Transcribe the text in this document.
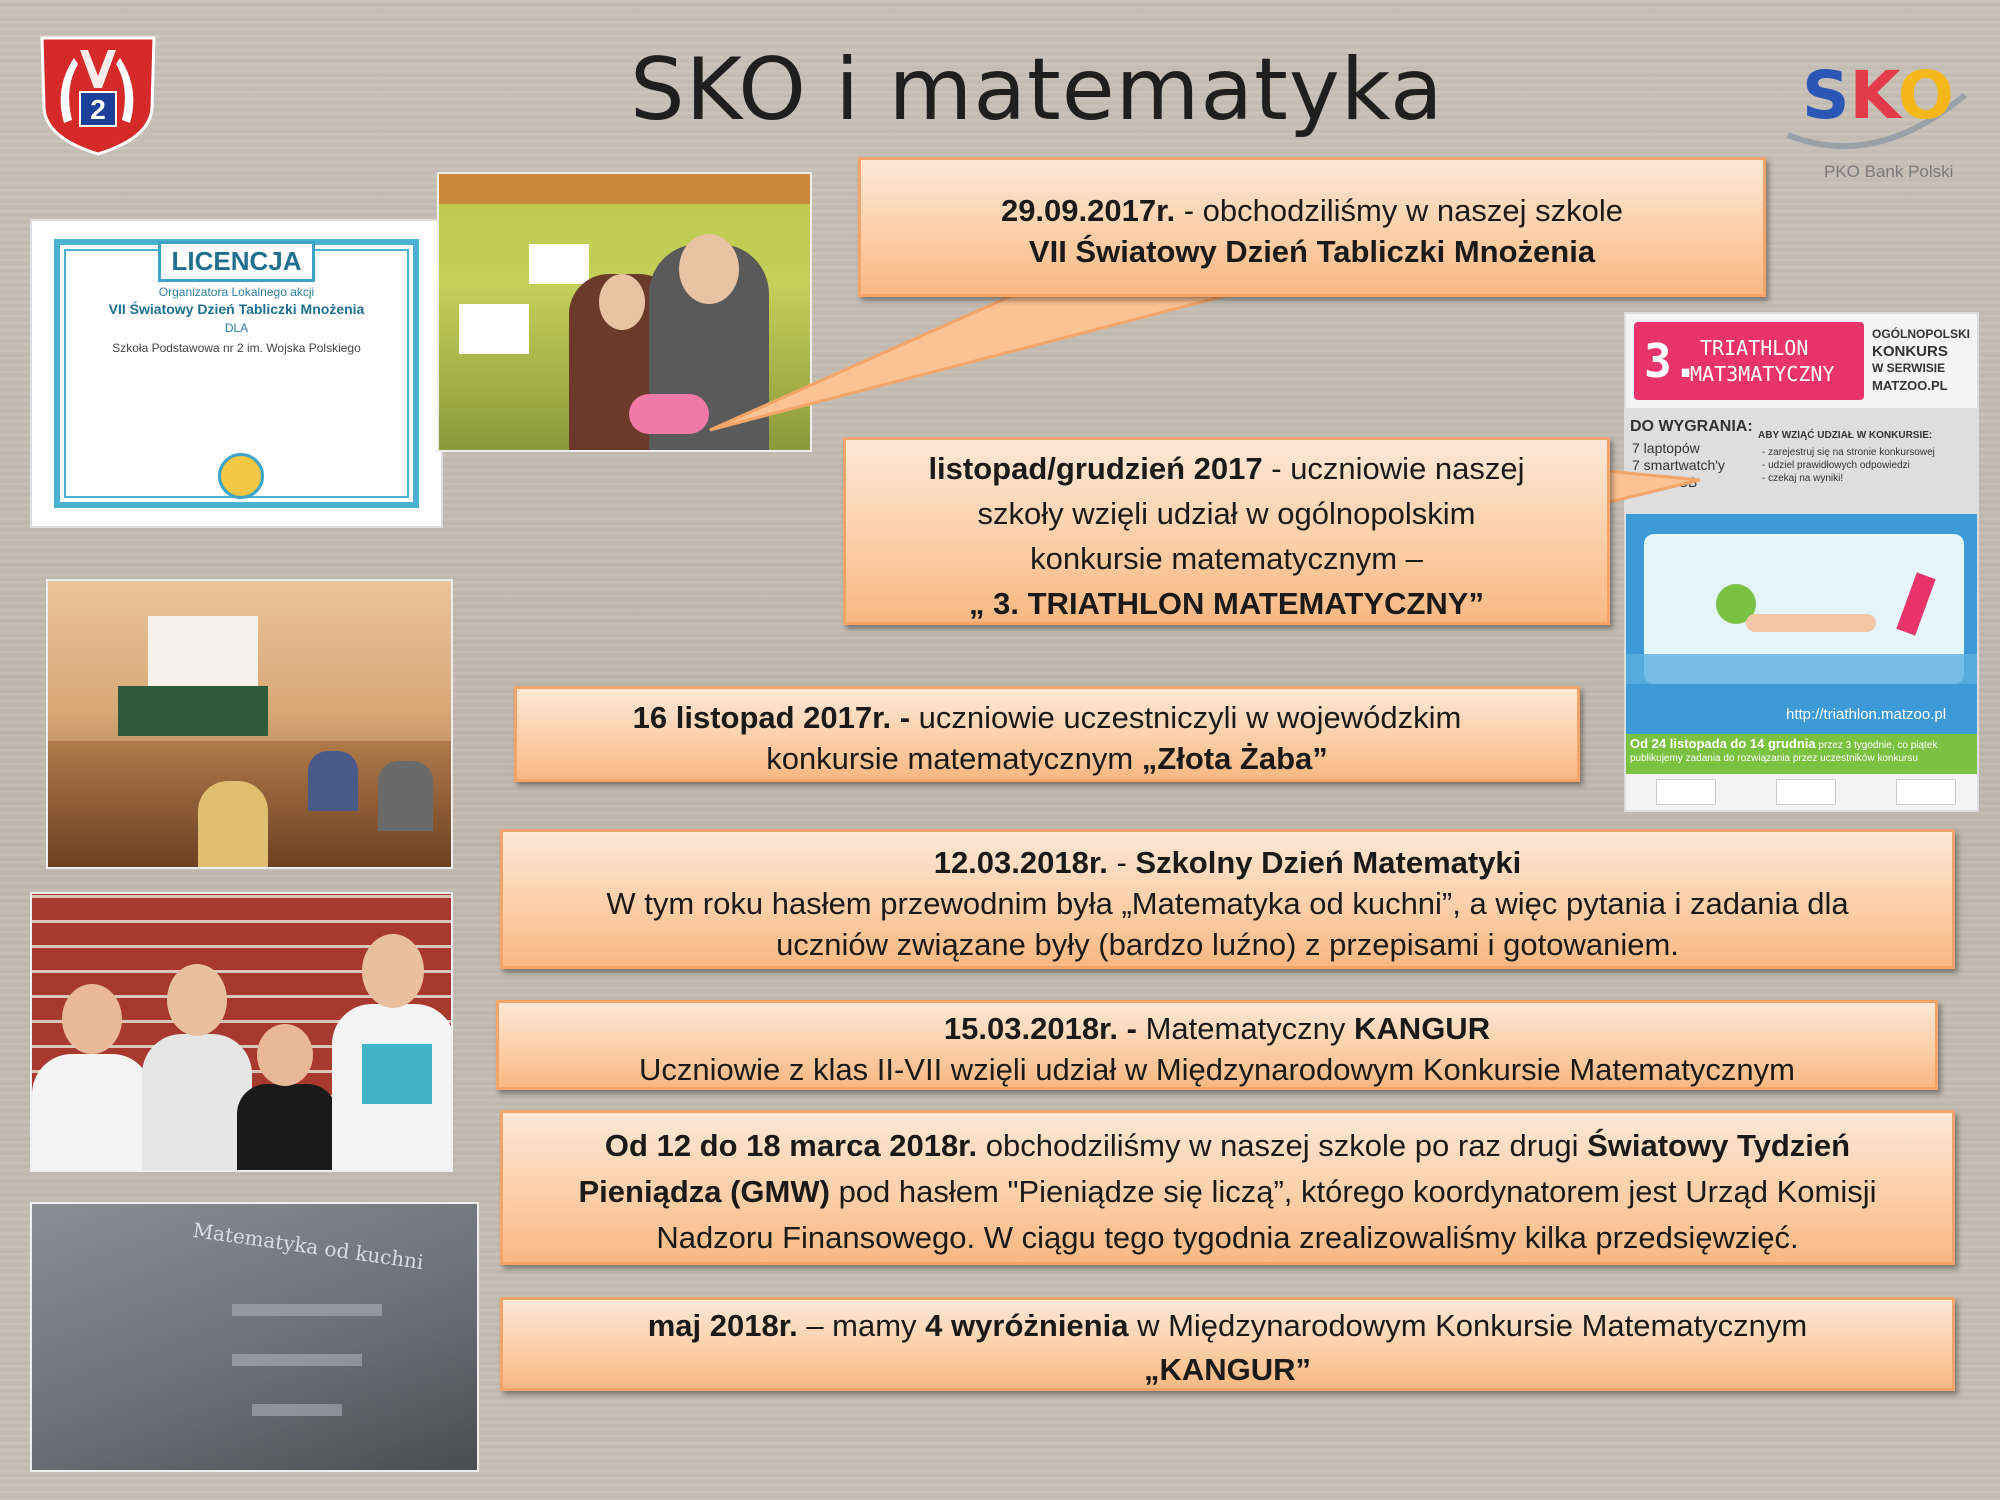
SKO i matematyka
2	SKO
PKO Bank Polski
LICENCJA
Organizatora Lokalnego akcji
VII Światowy Dzień Tabliczki Mnożenia
DLA
Szkoła Podstawowa nr 2 im. Wojska Polskiego
Matematyka od kuchni
3. TRIATHLON
MAT3MATYCZNY
OGÓLNOPOLSKI
KONKURS
W SERWISIE
MATZOO.PL
DO WYGRANIA:
7 laptopów
7 smartwatch'y
ABY WZIĄĆ UDZIAŁ W KONKURSIE:
- zarejestruj się na stronie konkursowej
- udziel prawidłowych odpowiedzi
- czekaj na wyniki!
http://triathlon.matzoo.pl
Od 24 listopada do 14 grudnia przez 3 tygodnie, co piątek publikujemy zadania do rozwiązania przez uczestników konkursu
29.09.2017r. - obchodziliśmy w naszej szkole
VII Światowy Dzień Tabliczki Mnożenia
listopad/grudzień 2017 - uczniowie naszej
szkoły wzięli udział w ogólnopolskim
konkursie matematycznym –
„ 3. TRIATHLON MATEMATYCZNY”
16 listopad 2017r. - uczniowie uczestniczyli w wojewódzkim
konkursie matematycznym „Złota Żaba”
12.03.2018r. - Szkolny Dzień Matematyki
W tym roku hasłem przewodnim była „Matematyka od kuchni”, a więc pytania i zadania dla
uczniów związane były (bardzo luźno) z przepisami i gotowaniem.
15.03.2018r. - Matematyczny KANGUR
Uczniowie z klas II-VII wzięli udział w Międzynarodowym Konkursie Matematycznym
Od 12 do 18 marca 2018r. obchodziliśmy w naszej szkole po raz drugi Światowy Tydzień
Pieniądza (GMW) pod hasłem "Pieniądze się liczą”, którego koordynatorem jest Urząd Komisji
Nadzoru Finansowego. W ciągu tego tygodnia zrealizowaliśmy kilka przedsięwzięć.
maj 2018r. – mamy 4 wyróżnienia w Międzynarodowym Konkursie Matematycznym
„KANGUR”
